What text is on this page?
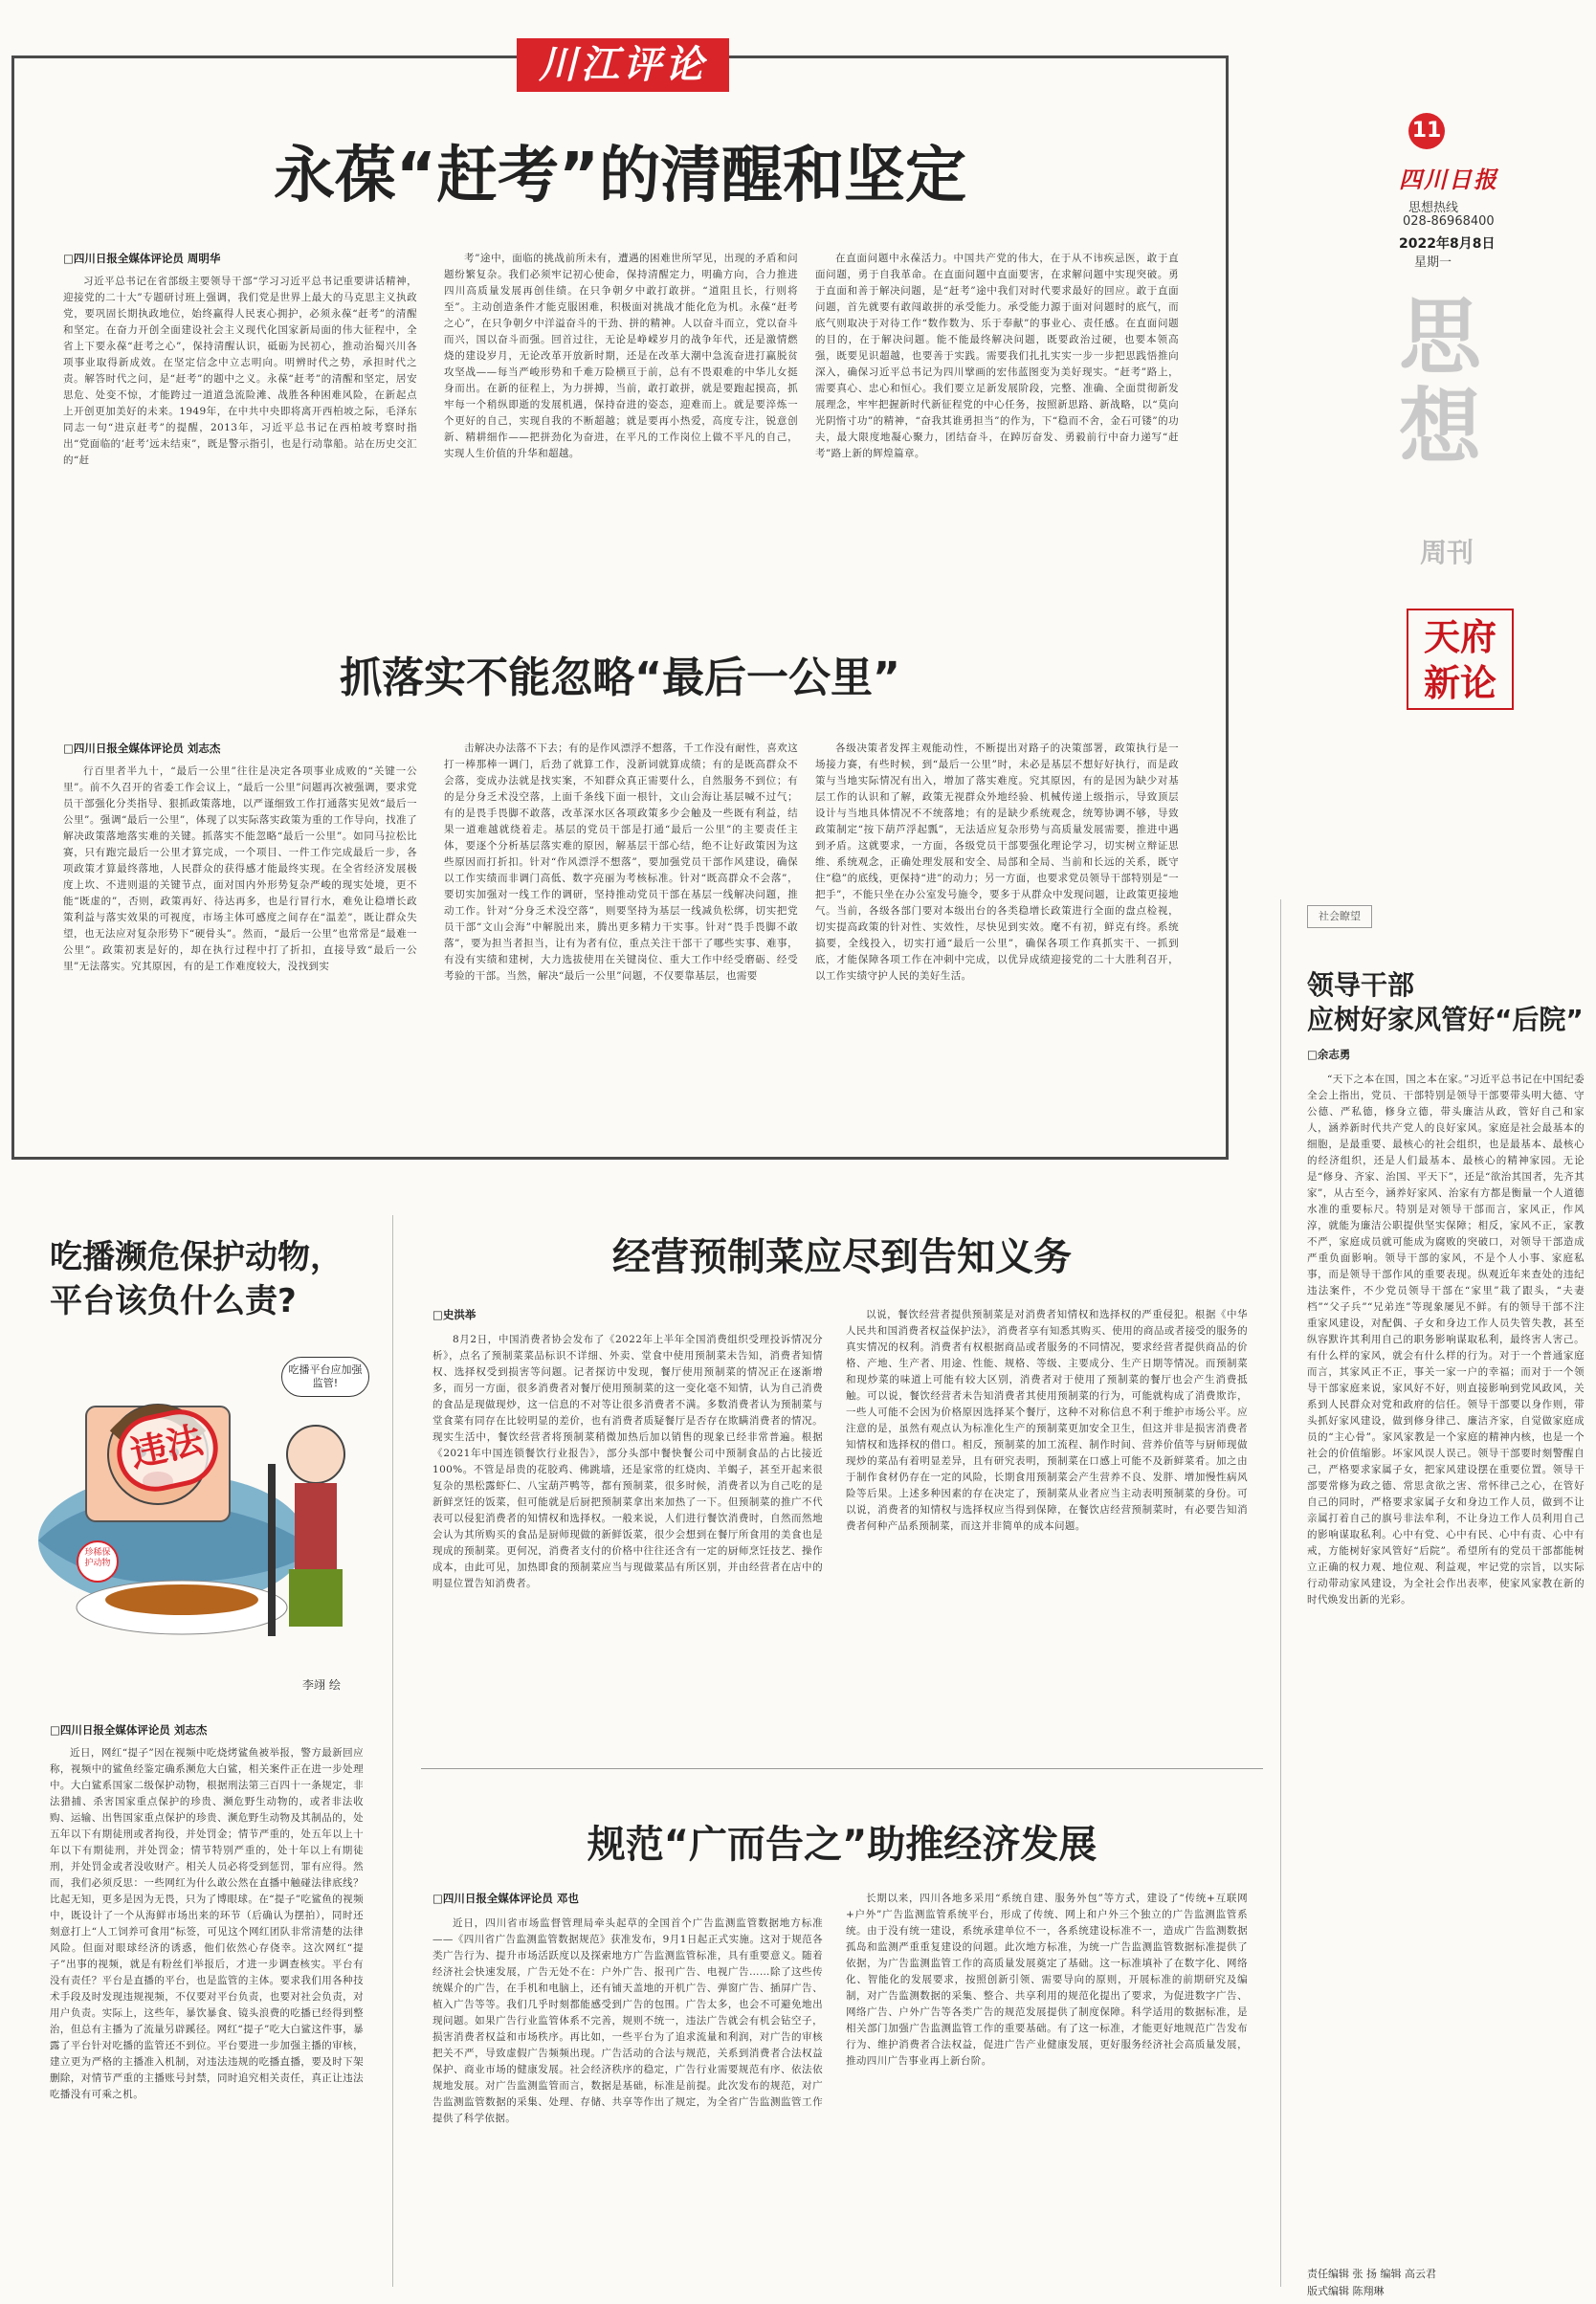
11
四川日报
思想热线
028-86968400
2022年8月8日
星期一
思
想
周刊
天府新论
川江评论
永葆“赶考”的清醒和坚定
□四川日报全媒体评论员 周明华

习近平总书记在省部级主要领导干部“学习习近平总书记重要讲话精神，迎接党的二十大”专题研讨班上强调，我们党是世界上最大的马克思主义执政党，要巩固长期执政地位，始终赢得人民衷心拥护，必须永葆“赶考”的清醒和坚定。在奋力开创全面建设社会主义现代化国家新局面的伟大征程中，全省上下要永葆“赶考之心”，保持清醒认识，砥砺为民初心，推动治蜀兴川各项事业取得新成效。在坚定信念中立志明向。明辨时代之势，承担时代之责。解答时代之问，是“赶考”的题中之义。永葆“赶考”的清醒和坚定，居安思危、处变不惊，才能跨过一道道急流险滩、战胜各种困难风险，在新起点上开创更加美好的未来。1949年，在中共中央即将离开西柏坡之际，毛泽东同志一句“进京赶考”的提醒，2013年，习近平总书记在西柏坡考察时指出“党面临的‘赶考’远未结束”，既是警示指引，也是行动靠船。站在历史交汇的“赶

考”途中，面临的挑战前所未有，遭遇的困难世所罕见，出现的矛盾和问题纷繁复杂。我们必须牢记初心使命，保持清醒定力，明确方向，合力推进四川高质量发展再创佳绩。在只争朝夕中敢打敢拼。“道阻且长，行则将至”。主动创造条件才能克服困难，积极面对挑战才能化危为机。永葆“赶考之心”，在只争朝夕中洋溢奋斗的干劲、拼的精神。人以奋斗而立，党以奋斗而兴，国以奋斗而强。回首过往，无论是峥嵘岁月的战争年代，还是激情燃烧的建设岁月，无论改革开放新时期，还是在改革大潮中急流奋进打赢脱贫攻坚战——每当严峻形势和千难万险横亘于前，总有不畏艰难的中华儿女挺身而出。在新的征程上，为力拼搏，当前，敢打敢拼，就是要跑起摸高，抓牢每一个稍纵即逝的发展机遇，保持奋进的姿态，迎难而上。就是要淬炼一个更好的自己，实现自我的不断超越；就是要再小热爱，高度专注，锐意创新、精耕细作——把拼劲化为奋进，在平凡的工作岗位上做不平凡的自己，实现人生价值的升华和超越。

在直面问题中永葆活力。中国共产党的伟大，在于从不讳疾忌医，敢于直面问题，勇于自我革命。在直面问题中直面要害，在求解问题中实现突破。勇于直面和善于解决问题，是“赶考”途中我们对时代要求最好的回应。敢于直面问题，首先就要有敢闯敢拼的承受能力。承受能力源于面对问题时的底气，而底气则取决于对待工作“数作数为、乐于奉献”的事业心、责任感。在直面问题的目的，在于解决问题。能不能最终解决问题，既要政治过硬，也要本领高强，既要见识超越，也要善于实践。需要我们扎扎实实一步一步把思践悟推向深入，确保习近平总书记为四川擘画的宏伟蓝图变为美好现实。“赶考”路上，需要真心、忠心和恒心。我们要立足新发展阶段，完整、准确、全面贯彻新发展理念，牢牢把握新时代新征程党的中心任务，按照新思路、新战略，以“莫向光阴惰寸功”的精神，“奋我其谁勇担当”的作为，下“稳而不舍，金石可镂”的功夫，最大限度地凝心聚力，团结奋斗，在踔厉奋发、勇毅前行中奋力递写“赶考”路上新的辉煌篇章。

抓落实不能忽略“最后一公里”
□四川日报全媒体评论员 刘志杰

行百里者半九十，“最后一公里”往往是决定各项事业成败的“关键一公里”。前不久召开的省委工作会议上，“最后一公里”问题再次被强调，要求党员干部强化分类指导、狠抓政策落地，以严谨细致工作打通落实见效“最后一公里”。强调“最后一公里”，体现了以实际落实政策为重的工作导向，找准了解决政策落地落实难的关键。抓落实不能忽略“最后一公里”。如同马拉松比赛，只有跑完最后一公里才算完成，一个项目、一件工作完成最后一步，各项政策才算最终落地，人民群众的获得感才能最终实现。在全省经济发展极度上坎、不进则退的关键节点，面对国内外形势复杂严峻的现实处境，更不能“既虚的”，否则，政策再好、待达再多，也是行冒行水，难免让稳增长政策利益与落实效果的可视度，市场主体可感度之间存在“温差”，既让群众失望，也无法应对复杂形势下“硬骨头”。然而，“最后一公里”也常常是“最难一公里”。政策初衷是好的，却在执行过程中打了折扣，直接导致“最后一公里”无法落实。究其原因，有的是工作难度较大，没找到实

击解决办法落不下去；有的是作风漂浮不想落，千工作没有耐性，喜欢这打一棒那棒一调门，后劲了就算工作，没新词就算成绩；有的是既高群众不会落，变成办法就是找实案，不知群众真正需要什么，自然服务不到位；有的是分身乏术没空落，上面千条线下面一根针，文山会海让基层喊不过气；有的是畏手畏脚不敢落，改革深水区各项政策多少会触及一些既有利益，结果一道难越就绕着走。基层的党员干部是打通“最后一公里”的主要责任主体，要逐个分析基层落实难的原因，解基层干部心结，绝不让好政策因为这些原因而打折扣。针对“作风漂浮不想落”，要加强党员干部作风建设，确保以工作实绩而非调门高低、数字亮丽为考核标准。针对“既高群众不会落”，要切实加强对一线工作的调研，坚持推动党员干部在基层一线解决问题，推动工作。针对“分身乏术没空落”，则要坚持为基层一线减负松绑，切实把党员干部“文山会海”中解脱出来，腾出更多精力干实事。针对“畏手畏脚不敢落”，要为担当者担当，让有为者有位，重点关注干部干了哪些实事、难事，有没有实绩和建树，大力选拔使用在关键岗位、重大工作中经受磨砺、经受考验的干部。当然，解决“最后一公里”问题，不仅要靠基层，也需要

各级决策者发挥主观能动性，不断提出对路子的决策部署，政策执行是一场接力赛，有些时候，到“最后一公里”时，未必是基层不想好好执行，而是政策与当地实际情况有出入，增加了落实难度。究其原因，有的是因为缺少对基层工作的认识和了解，政策无视群众外地经验、机械传递上级指示，导致顶层设计与当地具体情况不不统落地；有的是缺少系统观念，统筹协调不够，导致政策制定“按下葫芦浮起瓢”，无法适应复杂形势与高质量发展需要，推进中遇到矛盾。这就要求，一方面，各级党员干部要强化理论学习，切实树立辩证思维、系统观念，正确处理发展和安全、局部和全局、当前和长远的关系，既守住“稳”的底线，更保持“进”的动力；另一方面，也要求党员领导干部特别是“一把手”，不能只坐在办公室发号施令，要多于从群众中发现问题，让政策更接地气。当前，各级各部门要对本级出台的各类稳增长政策进行全面的盘点检视，切实提高政策的针对性、实效性，尽快见到实效。麾不有初，鲜克有终。系统搞要，全线投入，切实打通“最后一公里”，确保各项工作真抓实干、一抓到底，才能保障各项工作在冲刺中完成，以优异成绩迎接党的二十大胜利召开，以工作实绩守护人民的美好生活。

社会瞭望
领导干部
应树好家风管好“后院”
□余志勇

“天下之本在国，国之本在家。”习近平总书记在中国纪委全会上指出，党员、干部特别是领导干部要带头明大德、守公德、严私德，修身立德，带头廉洁从政，管好自己和家人，涵养新时代共产党人的良好家风。家庭是社会最基本的细胞，是最重要、最核心的社会组织，也是最基本、最核心的经济组织，还是人们最基本、最核心的精神家园。无论是“修身、齐家、治国、平天下”，还是“欲治其国者，先齐其家”，从古至今，涵养好家风、治家有方都是衡量一个人道德水准的重要标尺。特别是对领导干部而言，家风正，作风淳，就能为廉洁公职提供坚实保障；相反，家风不正，家教不严，家庭成员就可能成为腐败的突破口，对领导干部造成严重负面影响。领导干部的家风，不是个人小事、家庭私事，而是领导干部作风的重要表现。纵观近年来查处的违纪违法案件，不少党员领导干部在“家里”栽了跟头，“夫妻档”“父子兵”“兄弟连”等现象屡见不鲜。有的领导干部不注重家风建设，对配偶、子女和身边工作人员失管失教，甚至纵容默许其利用自己的职务影响谋取私利，最终害人害己。有什么样的家风，就会有什么样的行为。对于一个普通家庭而言，其家风正不正，事关一家一户的幸福；而对于一个领导干部家庭来说，家风好不好，则直接影响到党风政风，关系到人民群众对党和政府的信任。领导干部要以身作则，带头抓好家风建设，做到修身律己、廉洁齐家，自觉做家庭成员的“主心骨”。家风家教是一个家庭的精神内核，也是一个社会的价值缩影。坏家风误人误己。领导干部要时刻警醒自己，严格要求家属子女，把家风建设摆在重要位置。领导干部要常修为政之德、常思贪欲之害、常怀律己之心，在管好自己的同时，严格要求家属子女和身边工作人员，做到不让亲属打着自己的旗号非法牟利，不让身边工作人员利用自己的影响谋取私利。心中有党、心中有民、心中有责、心中有戒，方能树好家风管好“后院”。希望所有的党员干部都能树立正确的权力观、地位观、利益观，牢记党的宗旨，以实际行动带动家风建设，为全社会作出表率，使家风家教在新的时代焕发出新的光彩。

吃播濒危保护动物，
平台该负什么责?
违法
吃播平台应加强监管!
珍稀保护动物
李翊 绘
□四川日报全媒体评论员 刘志杰

近日，网红“提子”因在视频中吃烧烤鲨鱼被举报，警方最新回应称，视频中的鲨鱼经鉴定确系濒危大白鲨，相关案件正在进一步处理中。大白鲨系国家二级保护动物，根据刑法第三百四十一条规定，非法猎捕、杀害国家重点保护的珍贵、濒危野生动物的，或者非法收购、运输、出售国家重点保护的珍贵、濒危野生动物及其制品的，处五年以下有期徒刑或者拘役，并处罚金；情节严重的，处五年以上十年以下有期徒刑，并处罚金；情节特别严重的，处十年以上有期徒刑，并处罚金或者没收财产。相关人员必将受到惩罚，罪有应得。然而，我们必须反思：一些网红为什么敢公然在直播中触碰法律底线？比起无知，更多是因为无畏，只为了博眼球。在“提子”吃鲨鱼的视频中，既设计了一个从海鲜市场出来的环节（后确认为摆拍），同时还刻意打上“人工饲养可食用”标签，可见这个网红团队非常清楚的法律风险。但面对眼球经济的诱惑，他们依然心存侥幸。这次网红“提子”出事的视频，就是有粉丝们举报后，才进一步调查核实。平台有没有责任？平台是直播的平台，也是监管的主体。要求我们用各种技术手段及时发现违规视频，不仅要对平台负责，也要对社会负责，对用户负责。实际上，这些年，暴饮暴食、镜头浪费的吃播已经得到整治，但总有主播为了流量另辟蹊径。网红“提子”吃大白鲨这件事，暴露了平台针对吃播的监管还不到位。平台要进一步加强主播的审核，建立更为严格的主播准入机制，对违法违规的吃播直播，要及时下架删除，对情节严重的主播账号封禁，同时追究相关责任，真正让违法吃播没有可乘之机。

经营预制菜应尽到告知义务
□史洪举

8月2日，中国消费者协会发布了《2022年上半年全国消费组织受理投诉情况分析》，点名了预制菜菜品标识不详细、外卖、堂食中使用预制菜未告知，消费者知情权、选择权受到损害等问题。记者探访中发现，餐厅使用预制菜的情况正在逐渐增多，而另一方面，很多消费者对餐厅使用预制菜的这一变化毫不知情，认为自己消费的食品是现做现炒，这一信息的不对等让很多消费者不满。多数消费者认为预制菜与堂食菜有同存在比较明显的差价，也有消费者质疑餐厅是否存在欺瞒消费者的情况。现实生活中，餐饮经营者将预制菜稍微加热后加以销售的现象已经非常普遍。根据《2021年中国连锁餐饮行业报告》，部分头部中餐快餐公司中预制食品的占比接近100%。不管是昂贵的花胶鸡、佛跳墙，还是家常的红烧肉、羊蝎子，甚至开起来很复杂的黑松露虾仁、八宝葫芦鸭等，都有预制菜，很多时候，消费者以为自己吃的是新鲜烹饪的饭菜，但可能就是后厨把预制菜拿出来加热了一下。但预制菜的推广不代表可以侵犯消费者的知情权和选择权。一般来说，人们进行餐饮消费时，自然而然地会认为其所购买的食品是厨师现做的新鲜饭菜，很少会想到在餐厅所食用的美食也是现成的预制菜。更何况，消费者支付的价格中往往还含有一定的厨师烹饪技艺、操作成本，由此可见，加热即食的预制菜应当与现做菜品有所区别，并由经营者在店中的明显位置告知消费者。

以说，餐饮经营者提供预制菜是对消费者知情权和选择权的严重侵犯。根据《中华人民共和国消费者权益保护法》，消费者享有知悉其购买、使用的商品或者接受的服务的真实情况的权利。消费者有权根据商品或者服务的不同情况，要求经营者提供商品的价格、产地、生产者、用途、性能、规格、等级、主要成分、生产日期等情况。而预制菜和现炒菜的味道上可能有较大区别，消费者对于使用了预制菜的餐厅也会产生消费抵触。可以说，餐饮经营者未告知消费者其使用预制菜的行为，可能就构成了消费欺诈，一些人可能不会因为价格原因选择某个餐厅，这种不对称信息不利于维护市场公平。应注意的是，虽然有观点认为标准化生产的预制菜更加安全卫生，但这并非是损害消费者知情权和选择权的借口。相反，预制菜的加工流程、制作时间、营养价值等与厨师现做现炒的菜品有着明显差异，且有研究表明，预制菜在口感上可能不及新鲜菜肴。加之由于制作食材仍存在一定的风险，长期食用预制菜会产生营养不良、发胖、增加慢性病风险等后果。上述多种因素的存在决定了，预制菜从业者应当主动表明预制菜的身份。可以说，消费者的知情权与选择权应当得到保障，在餐饮店经营预制菜时，有必要告知消费者何种产品系预制菜，而这并非简单的成本问题。

规范“广而告之”助推经济发展
□四川日报全媒体评论员 邓也

近日，四川省市场监督管理局牵头起草的全国首个广告监测监管数据地方标准——《四川省广告监测监管数据规范》获准发布，9月1日起正式实施。这对于规范各类广告行为、提升市场活跃度以及探索地方广告监测监管标准，具有重要意义。随着经济社会快速发展，广告无处不在：户外广告、报刊广告、电视广告……除了这些传统媒介的广告，在手机和电脑上，还有铺天盖地的开机广告、弹窗广告、插屏广告、植入广告等等。我们几乎时刻都能感受到广告的包围。广告太多，也会不可避免地出现问题。如果广告行业监管体系不完善，规则不统一，违法广告就会有机会钻空子，损害消费者权益和市场秩序。再比如，一些平台为了追求流量和利润，对广告的审核把关不严，导致虚假广告频频出现。广告活动的合法与规范，关系到消费者合法权益保护、商业市场的健康发展。社会经济秩序的稳定，广告行业需要规范有序、依法依规地发展。对广告监测监管而言，数据是基础，标准是前提。此次发布的规范，对广告监测监管数据的采集、处理、存储、共享等作出了规定，为全省广告监测监管工作提供了科学依据。

长期以来，四川各地多采用“系统自建、服务外包”等方式，建设了“传统+互联网+户外”广告监测监管系统平台，形成了传统、网上和户外三个独立的广告监测监管系统。由于没有统一建设，系统承建单位不一，各系统建设标准不一，造成广告监测数据孤岛和监测严重重复建设的问题。此次地方标准，为统一广告监测监管数据标准提供了依据，为广告监测监管工作的高质量发展奠定了基础。这一标准填补了在数字化、网络化、智能化的发展要求，按照创新引领、需要导向的原则，开展标准的前期研究及编制，对广告监测数据的采集、整合、共享利用的规范化提出了要求，为促进数字广告、网络广告、户外广告等各类广告的规范发展提供了制度保障。科学适用的数据标准，是相关部门加强广告监测监管工作的重要基础。有了这一标准，才能更好地规范广告发布行为、维护消费者合法权益，促进广告产业健康发展，更好服务经济社会高质量发展，推动四川广告事业再上新台阶。

责任编辑 张 扬 编辑 高云君
版式编辑 陈翔琳
